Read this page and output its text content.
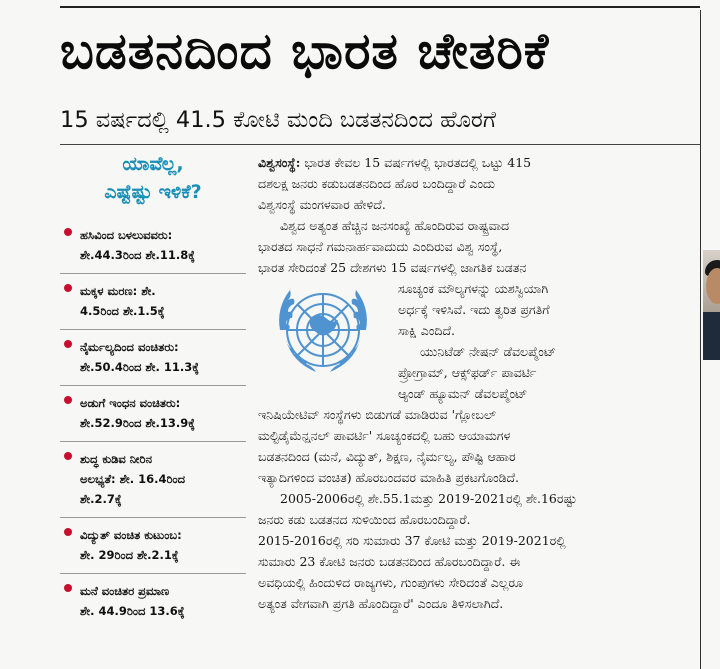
ಬಡತನದಿಂದ ಭಾರತ ಚೇತರಿಕೆ
15 ವರ್ಷದಲ್ಲಿ 41.5 ಕೋಟಿ ಮಂದಿ ಬಡತನದಿಂದ ಹೊರಗೆ
ಯಾವೆಲ್ಲ,
ಎಷ್ಟೆಷ್ಟು ಇಳಿಕೆ?
ಹಸಿವಿಂದ ಬಳಲುವವರು:
ಶೇ.44.3ರಿಂದ ಶೇ.11.8ಕ್ಕೆ
ಮಕ್ಕಳ ಮರಣ: ಶೇ.
4.5ರಿಂದ ಶೇ.1.5ಕ್ಕೆ
ನೈರ್ಮಲ್ಯದಿಂದ ವಂಚಿತರು:
ಶೇ.50.4ರಿಂದ ಶೇ. 11.3ಕ್ಕೆ
ಅಡುಗೆ ಇಂಧನ ವಂಚಿತರು:
ಶೇ.52.9ರಿಂದ ಶೇ.13.9ಕ್ಕೆ
ಶುದ್ಧ ಕುಡಿವ ನೀರಿನ
ಅಲಭ್ಯತೆ: ಶೇ. 16.4ರಿಂದ
ಶೇ.2.7ಕ್ಕೆ
ವಿದ್ಯುತ್ ವಂಚಿತ ಕುಟುಂಬ:
ಶೇ. 29ರಿಂದ ಶೇ.2.1ಕ್ಕೆ
ಮನೆ ವಂಚಿತರ ಪ್ರಮಾಣ
ಶೇ. 44.9ರಿಂದ 13.6ಕ್ಕೆ
ವಿಶ್ವಸಂಸ್ಥೆ: ಭಾರತ ಕೇವಲ 15 ವರ್ಷಗಳಲ್ಲಿ ಭಾರತದಲ್ಲಿ ಒಟ್ಟು 415
ದಶಲಕ್ಷ ಜನರು ಕಡುಬಡತನದಿಂದ ಹೊರ ಬಂದಿದ್ದಾರೆ ಎಂದು
ವಿಶ್ವಸಂಸ್ಥೆ ಮಂಗಳವಾರ ಹೇಳಿದೆ.
ವಿಶ್ವದ ಅತ್ಯಂತ ಹೆಚ್ಚಿನ ಜನಸಂಖ್ಯೆ ಹೊಂದಿರುವ ರಾಷ್ಟ್ರವಾದ
ಭಾರತದ ಸಾಧನೆ ಗಮನಾರ್ಹವಾದುದು ಎಂದಿರುವ ವಿಶ್ವ ಸಂಸ್ಥೆ,
ಭಾರತ ಸೇರಿದಂತೆ 25 ದೇಶಗಳು 15 ವರ್ಷಗಳಲ್ಲಿ ಜಾಗತಿಕ ಬಡತನ
ಸೂಚ್ಯಂಕ ಮೌಲ್ಯಗಳನ್ನು ಯಶಸ್ವಿಯಾಗಿ
ಅರ್ಧಕ್ಕೆ ಇಳಿಸಿವೆ. ಇದು ತ್ವರಿತ ಪ್ರಗತಿಗೆ
ಸಾಕ್ಷಿ ಎಂದಿದೆ.
ಯುನಿಟೆಡ್ ನೇಷನ್ ಡೆವಲಪ್ಮೆಂಟ್
ಪ್ರೋಗ್ರಾಮ್, ಆಕ್ಸ್‌ಫರ್ಡ್ ಪಾವರ್ಟಿ
ಆ್ಯಂಡ್ ಹ್ಯೂಮನ್ ಡೆವಲಪ್ಮೆಂಟ್
ಇನಿಷಿಯೇಟಿವ್ ಸಂಸ್ಥೆಗಳು ಬಿಡುಗಡೆ ಮಾಡಿರುವ 'ಗ್ಲೋಬಲ್
ಮಲ್ಟಿಡೈಮೆನ್ಷನಲ್ ಪಾವರ್ಟಿ' ಸೂಚ್ಯಂಕದಲ್ಲಿ ಬಹು ಆಯಾಮಗಳ
ಬಡತನದಿಂದ (ಮನೆ, ವಿದ್ಯುತ್, ಶಿಕ್ಷಣ, ನೈರ್ಮಲ್ಯ, ಪೌಷ್ಟಿ ಆಹಾರ
ಇತ್ಯಾದಿಗಳಿಂದ ವಂಚಿತ) ಹೊರಬಂದವರ ಮಾಹಿತಿ ಪ್ರಕಟಗೊಂಡಿದೆ.
2005-2006ರಲ್ಲಿ ಶೇ.55.1ಮತ್ತು 2019-2021ರಲ್ಲಿ ಶೇ.16ರಷ್ಟು
ಜನರು ಕಡು ಬಡತನದ ಸುಳಿಯಿಂದ ಹೊರಬಂದಿದ್ದಾರೆ.
2015-2016ರಲ್ಲಿ ಸರಿ ಸುಮಾರು 37 ಕೋಟಿ ಮತ್ತು 2019-2021ರಲ್ಲಿ
ಸುಮಾರು 23 ಕೋಟಿ ಜನರು ಬಡತನದಿಂದ ಹೊರಬಂದಿದ್ದಾರೆ. ಈ
ಅವಧಿಯಲ್ಲಿ ಹಿಂದುಳಿದ ರಾಜ್ಯಗಳು, ಗುಂಪುಗಳು ಸೇರಿದಂತೆ ಎಲ್ಲರೂ
ಅತ್ಯಂತ ವೇಗವಾಗಿ ಪ್ರಗತಿ ಹೊಂದಿದ್ದಾರೆ' ಎಂದೂ ತಿಳಿಸಲಾಗಿದೆ.
